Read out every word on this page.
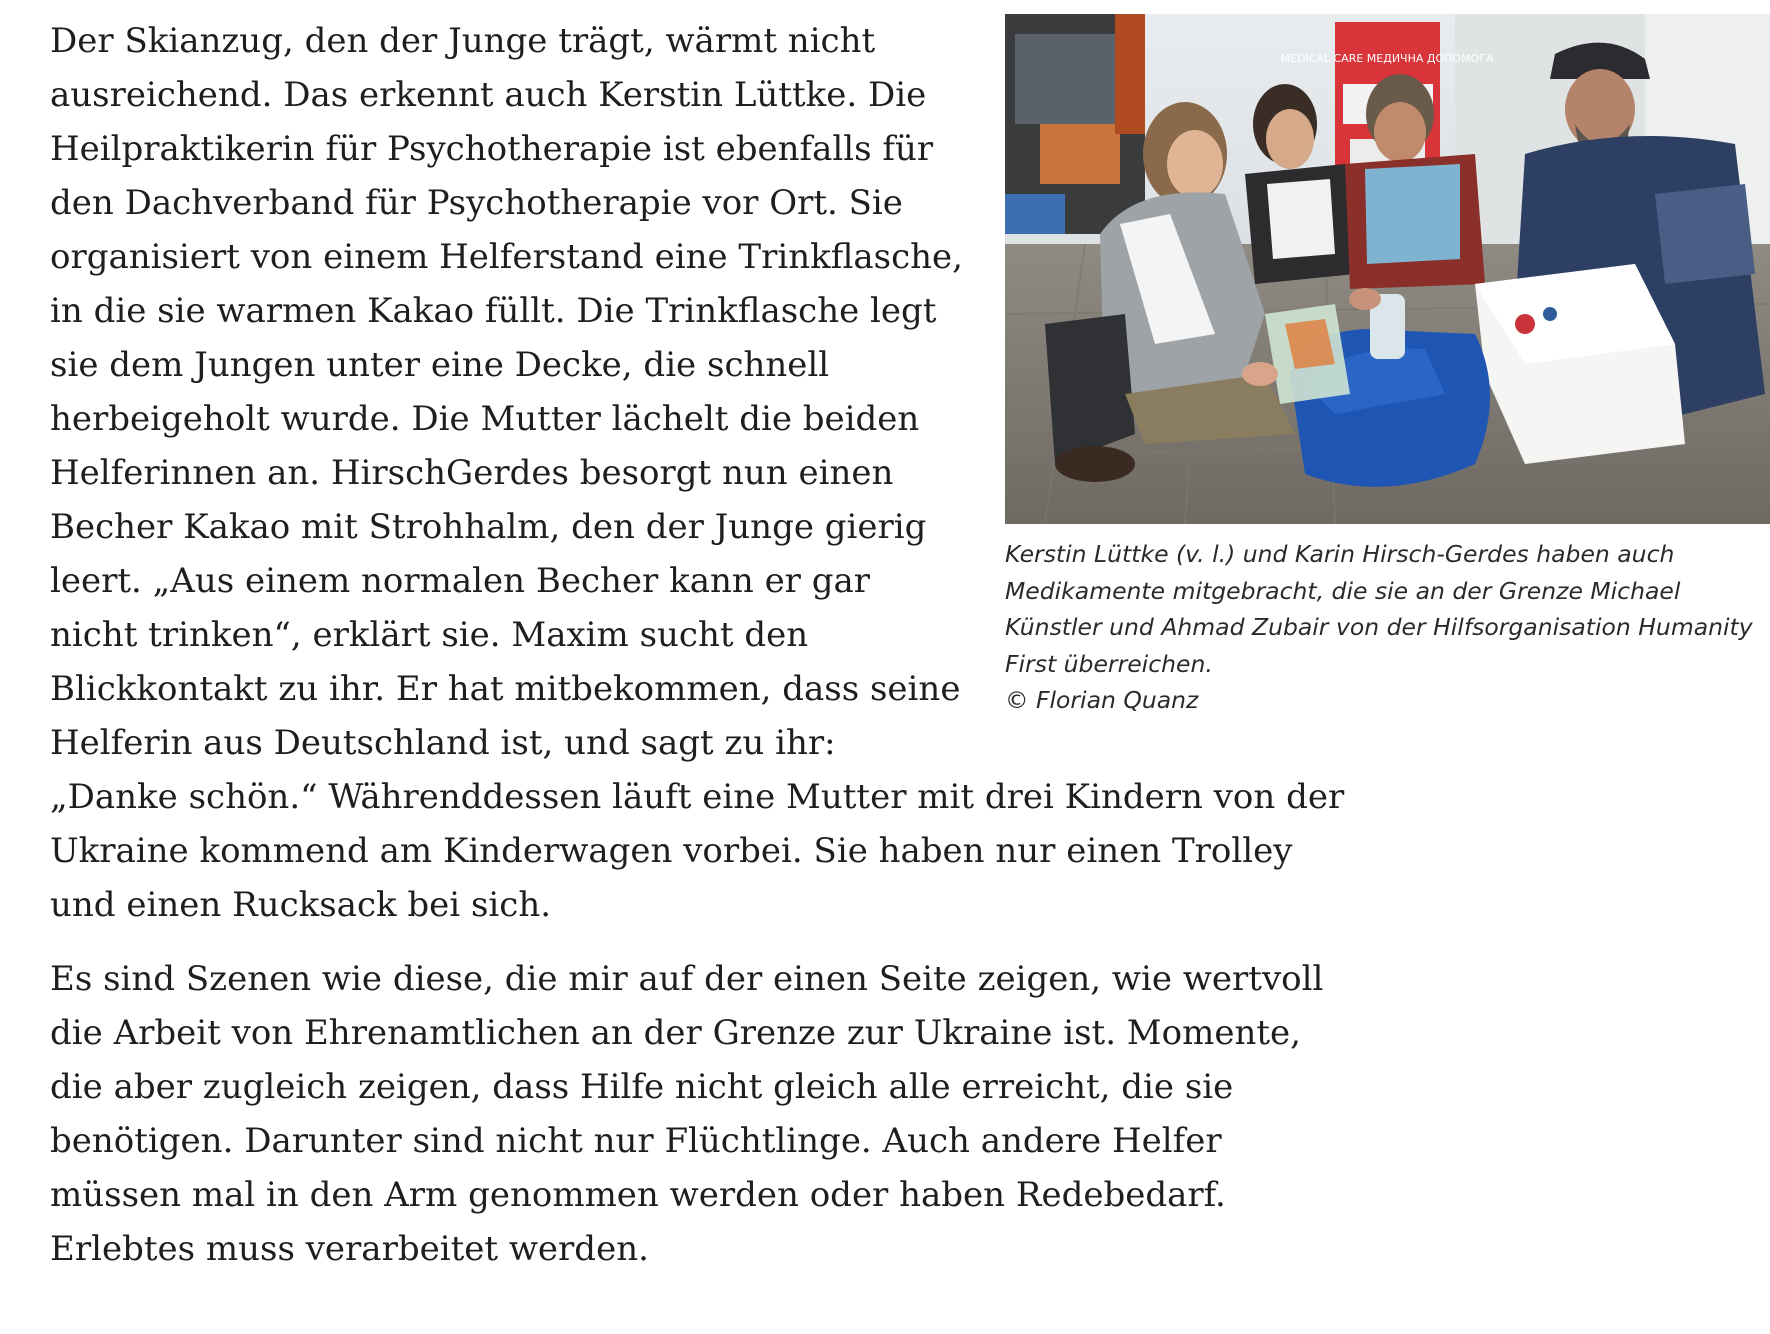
MEDICAL CARE МЕДИЧНА ДОПОМОГА
Kerstin Lüttke (v. l.) und Karin Hirsch-Gerdes haben auch Medikamente mitgebracht, die sie an der Grenze Michael Künstler und Ahmad Zubair von der Hilfsorganisation Humanity First überreichen.
© Florian Quanz

Der Skianzug, den der Junge trägt, wärmt nicht ausreichend. Das erkennt auch Kerstin Lüttke. Die Heilpraktikerin für Psychotherapie ist ebenfalls für den Dachverband für Psychotherapie vor Ort. Sie organisiert von einem Helferstand eine Trinkflasche, in die sie warmen Kakao füllt. Die Trinkflasche legt sie dem Jungen unter eine Decke, die schnell herbeigeholt wurde. Die Mutter lächelt die beiden Helferinnen an. HirschGerdes besorgt nun einen Becher Kakao mit Strohhalm, den der Junge gierig leert. „Aus einem normalen Becher kann er gar nicht trinken“, erklärt sie. Maxim sucht den Blickkontakt zu ihr. Er hat mitbekommen, dass seine Helferin aus Deutschland ist, und sagt zu ihr: „Danke schön.“ Währenddessen läuft eine Mutter mit drei Kindern von der Ukraine kommend am Kinderwagen vorbei. Sie haben nur einen Trolley und einen Rucksack bei sich.

Es sind Szenen wie diese, die mir auf der einen Seite zeigen, wie wertvoll die Arbeit von Ehrenamtlichen an der Grenze zur Ukraine ist. Momente, die aber zugleich zeigen, dass Hilfe nicht gleich alle erreicht, die sie benötigen. Darunter sind nicht nur Flüchtlinge. Auch andere Helfer müssen mal in den Arm genommen werden oder haben Redebedarf. Erlebtes muss verarbeitet werden.
